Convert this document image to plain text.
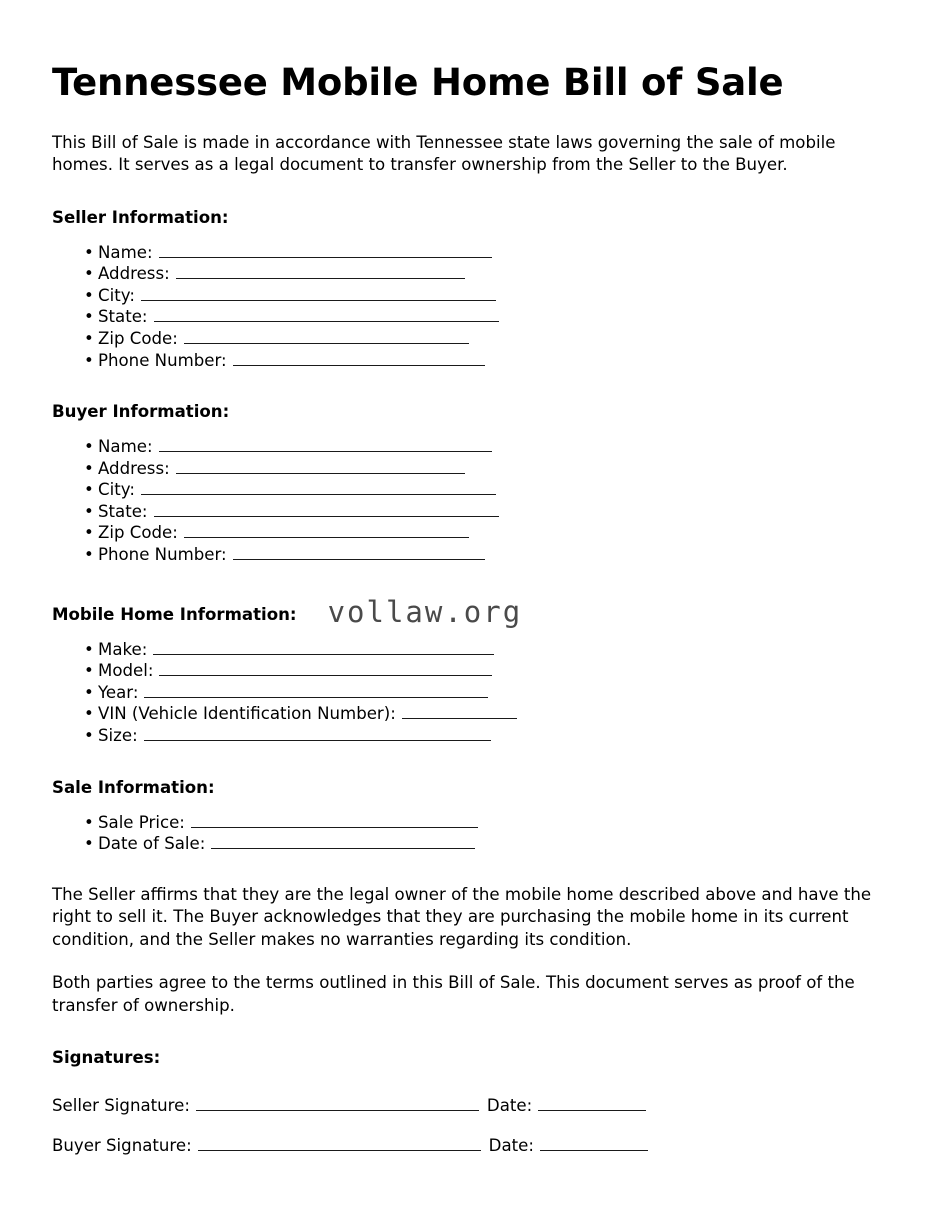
Tennessee Mobile Home Bill of Sale

This Bill of Sale is made in accordance with Tennessee state laws governing the sale of mobile homes. It serves as a legal document to transfer ownership from the Seller to the Buyer.

Seller Information:
• Name:
• Address:
• City:
• State:
• Zip Code:
• Phone Number:
Buyer Information:
• Name:
• Address:
• City:
• State:
• Zip Code:
• Phone Number:
Mobile Home Information: vollaw.org
• Make:
• Model:
• Year:
• VIN (Vehicle Identification Number):
• Size:
Sale Information:
• Sale Price:
• Date of Sale:

The Seller affirms that they are the legal owner of the mobile home described above and have the right to sell it. The Buyer acknowledges that they are purchasing the mobile home in its current condition, and the Seller makes no warranties regarding its condition.

Both parties agree to the terms outlined in this Bill of Sale. This document serves as proof of the transfer of ownership.

Signatures:

Seller Signature:	Date:

Buyer Signature:	Date:
